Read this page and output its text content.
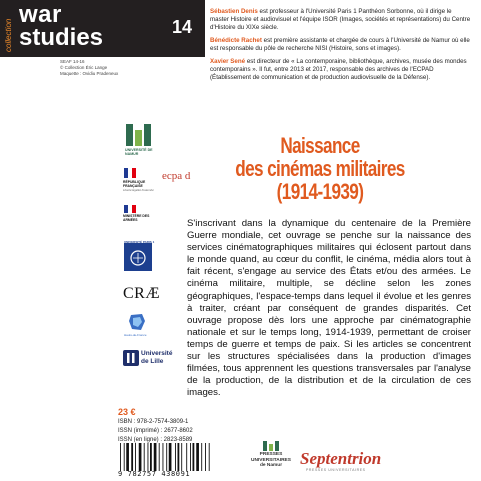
collection
war
studies	14
SEAF 14-16
© Collection Éric Lange
Maquette : Ovidiu Pradeneux

Sébastien Denis est professeur à l'Université Paris 1 Panthéon Sorbonne, où il dirige le master Histoire et audiovisuel et l'équipe ISOR (Images, sociétés et représentations) du Centre d'Histoire du XIXe siècle.

Bénédicte Rachet est première assistante et chargée de cours à l'Université de Namur où elle est responsable du pôle de recherche NISI (Histoire, sons et images).

Xavier Sené est directeur de « La contemporaine, bibliothèque, archives, musée des mondes contemporains ». Il fut, entre 2013 et 2017, responsable des archives de l'ECPAD (Établissement de communication et de production audiovisuelle de la Défense).

Naissance
des cinémas militaires
(1914-1939)
S'inscrivant dans la dynamique du centenaire de la Première Guerre mondiale, cet ouvrage se penche sur la naissance des services cinématographiques militaires qui éclosent partout dans le monde quand, au cœur du conflit, le cinéma, média alors tout à fait récent, s'engage au service des États et/ou des armées. Le cinéma militaire, multiple, se décline selon les zones géographiques, l'espace-temps dans lequel il évolue et les genres à traiter, créant par conséquent de grandes disparités. Cet ouvrage propose dès lors une approche par cinématographie nationale et sur le temps long, 1914-1939, permettant de croiser temps de guerre et temps de paix. Si les articles se concentrent sur les structures spécialisées dans la production d'images filmées, tous apprennent les questions transversales par l'analyse de la production, de la distribution et de la circulation de ces images.
UNIVERSITÉ DE NAMUR
RÉPUBLIQUE FRANÇAISE
Liberté Égalité Fraternité
ecpa d
MINISTÈRE DES ARMÉES
UNIVERSITÉ PARIS 1
CRÆ
Hauts-de-France
Université
de Lille
23 €
ISBN : 978-2-7574-3809-1
ISSN (imprimé) : 2677-8602
ISSN (en ligne) : 2823-8589
9 782757 438091
PRESSES
UNIVERSITAIRES
de Namur	Septentrion
PRESSES UNIVERSITAIRES
